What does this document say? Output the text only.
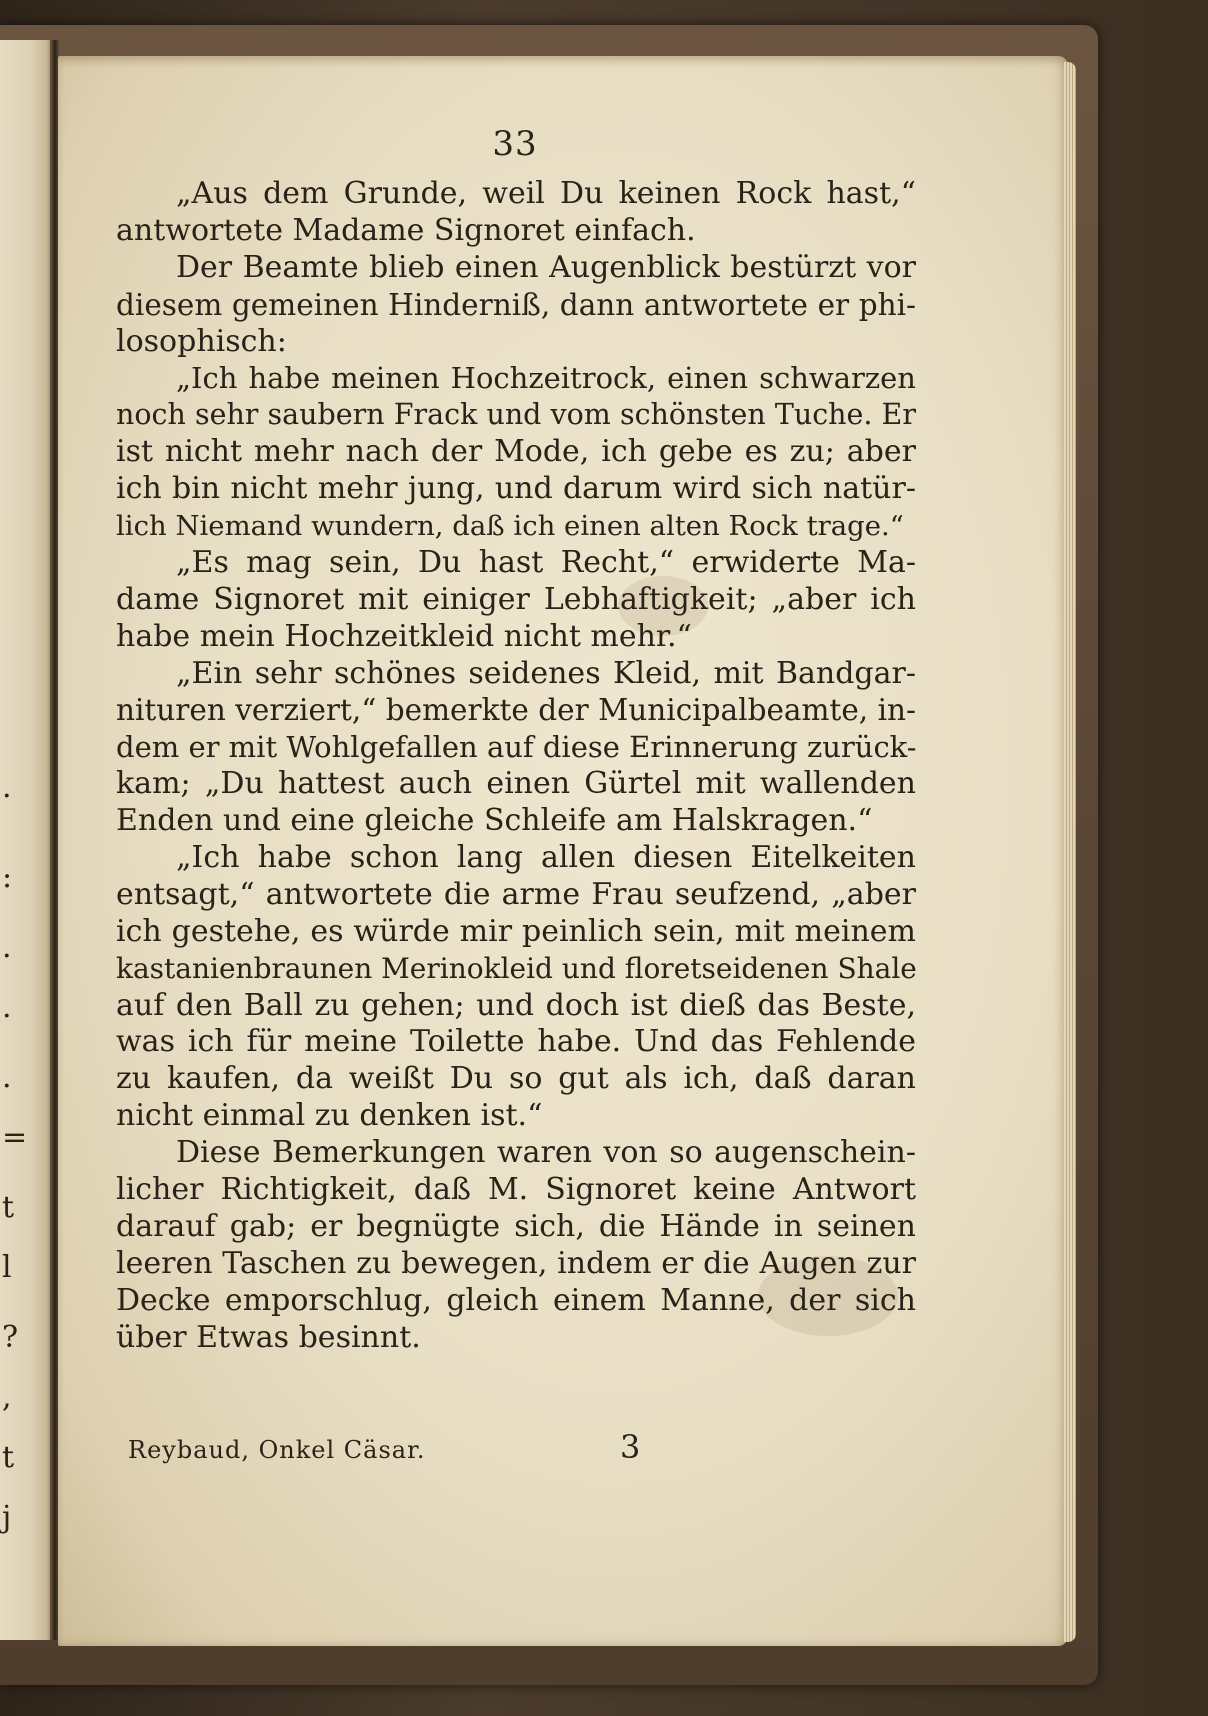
.
:
.
.
.
=
t
l
?
,
t
j
33
„Aus dem Grunde, weil Du keinen Rock hast,“
antwortete Madame Signoret einfach.
Der Beamte blieb einen Augenblick bestürzt vor
diesem gemeinen Hinderniß, dann antwortete er phi-
losophisch:
„Ich habe meinen Hochzeitrock, einen schwarzen
noch sehr saubern Frack und vom schönsten Tuche. Er
ist nicht mehr nach der Mode, ich gebe es zu; aber
ich bin nicht mehr jung, und darum wird sich natür-
lich Niemand wundern, daß ich einen alten Rock trage.“
„Es mag sein, Du hast Recht,“ erwiderte Ma-
dame Signoret mit einiger Lebhaftigkeit; „aber ich
habe mein Hochzeitkleid nicht mehr.“
„Ein sehr schönes seidenes Kleid, mit Bandgar-
nituren verziert,“ bemerkte der Municipalbeamte, in-
dem er mit Wohlgefallen auf diese Erinnerung zurück-
kam; „Du hattest auch einen Gürtel mit wallenden
Enden und eine gleiche Schleife am Halskragen.“
„Ich habe schon lang allen diesen Eitelkeiten
entsagt,“ antwortete die arme Frau seufzend, „aber
ich gestehe, es würde mir peinlich sein, mit meinem
kastanienbraunen Merinokleid und floretseidenen Shale
auf den Ball zu gehen; und doch ist dieß das Beste,
was ich für meine Toilette habe. Und das Fehlende
zu kaufen, da weißt Du so gut als ich, daß daran
nicht einmal zu denken ist.“
Diese Bemerkungen waren von so augenschein-
licher Richtigkeit, daß M. Signoret keine Antwort
darauf gab; er begnügte sich, die Hände in seinen
leeren Taschen zu bewegen, indem er die Augen zur
Decke emporschlug, gleich einem Manne, der sich
über Etwas besinnt.
Reybaud, Onkel Cäsar.	3
